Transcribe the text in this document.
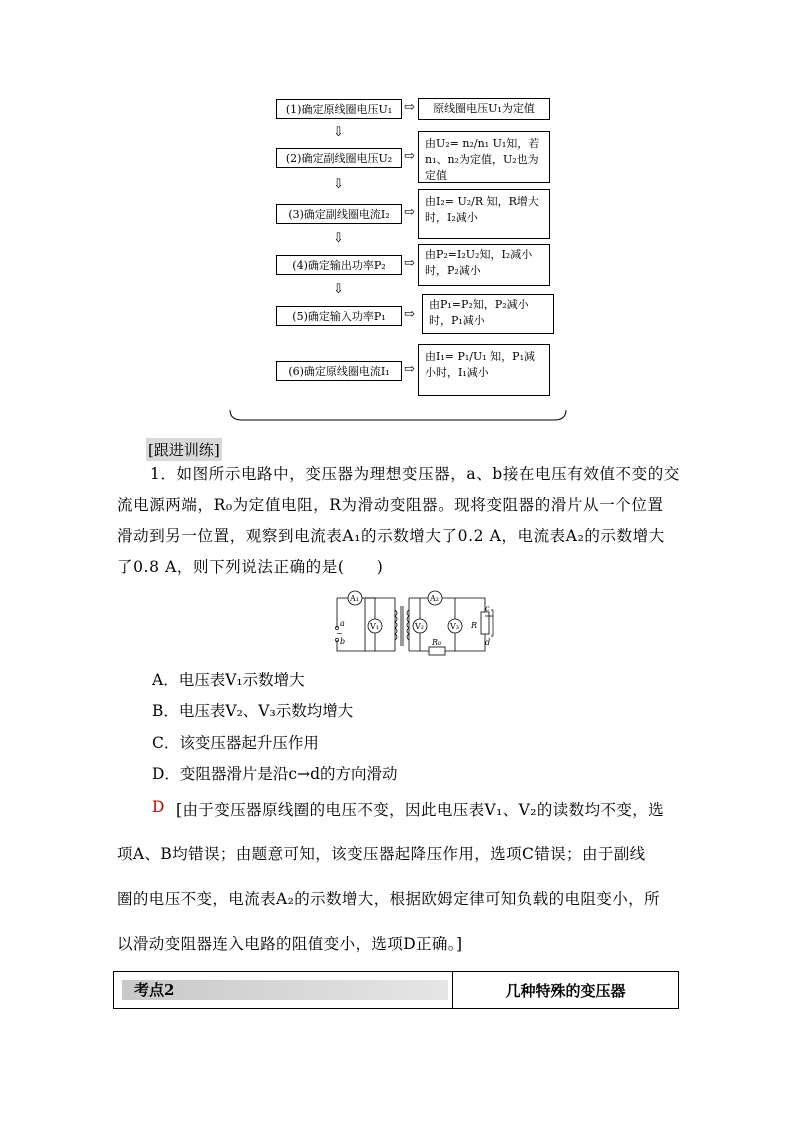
(1)确定原线圈电压U₁ ⇨	原线圈电压U₁为定值
⇩
(2)确定副线圈电压U₂ ⇨
由U₂= n₂/n₁ U₁知，若n₁、n₂为定值，U₂也为定值
⇩
(3)确定副线圈电流I₂	⇨
由I₂= U₂/R 知，R增大时，I₂减小
⇩
(4)确定输出功率P₂	⇨
由P₂=I₂U₂知，I₂减小时，P₂减小
⇩
(5)确定输入功率P₁	⇨
由P₁=P₂知，P₂减小时，P₁减小
(6)确定原线圈电流I₁	⇨
由I₁= P₁/U₁ 知，P₁减小时，I₁减小
[跟进训练]
1．如图所示电路中，变压器为理想变压器，a、b接在电压有效值不变的交
流电源两端，R₀为定值电阻，R为滑动变阻器。现将变阻器的滑片从一个位置
滑动到另一位置，观察到电流表A₁的示数增大了0.2 A，电流表A₂的示数增大
了0.8 A，则下列说法正确的是(　　)
a
~
b
A₁
V₁
A₂
V₂
R₀
V₃ R
c
d
A．电压表V₁示数增大
B．电压表V₂、V₃示数均增大
C．该变压器起升压作用
D．变阻器滑片是沿c→d的方向滑动
D [由于变压器原线圈的电压不变，因此电压表V₁、V₂的读数均不变，选
项A、B均错误；由题意可知，该变压器起降压作用，选项C错误；由于副线
圈的电压不变，电流表A₂的示数增大，根据欧姆定律可知负载的电阻变小，所
以滑动变阻器连入电路的阻值变小，选项D正确。]
考点2	几种特殊的变压器
